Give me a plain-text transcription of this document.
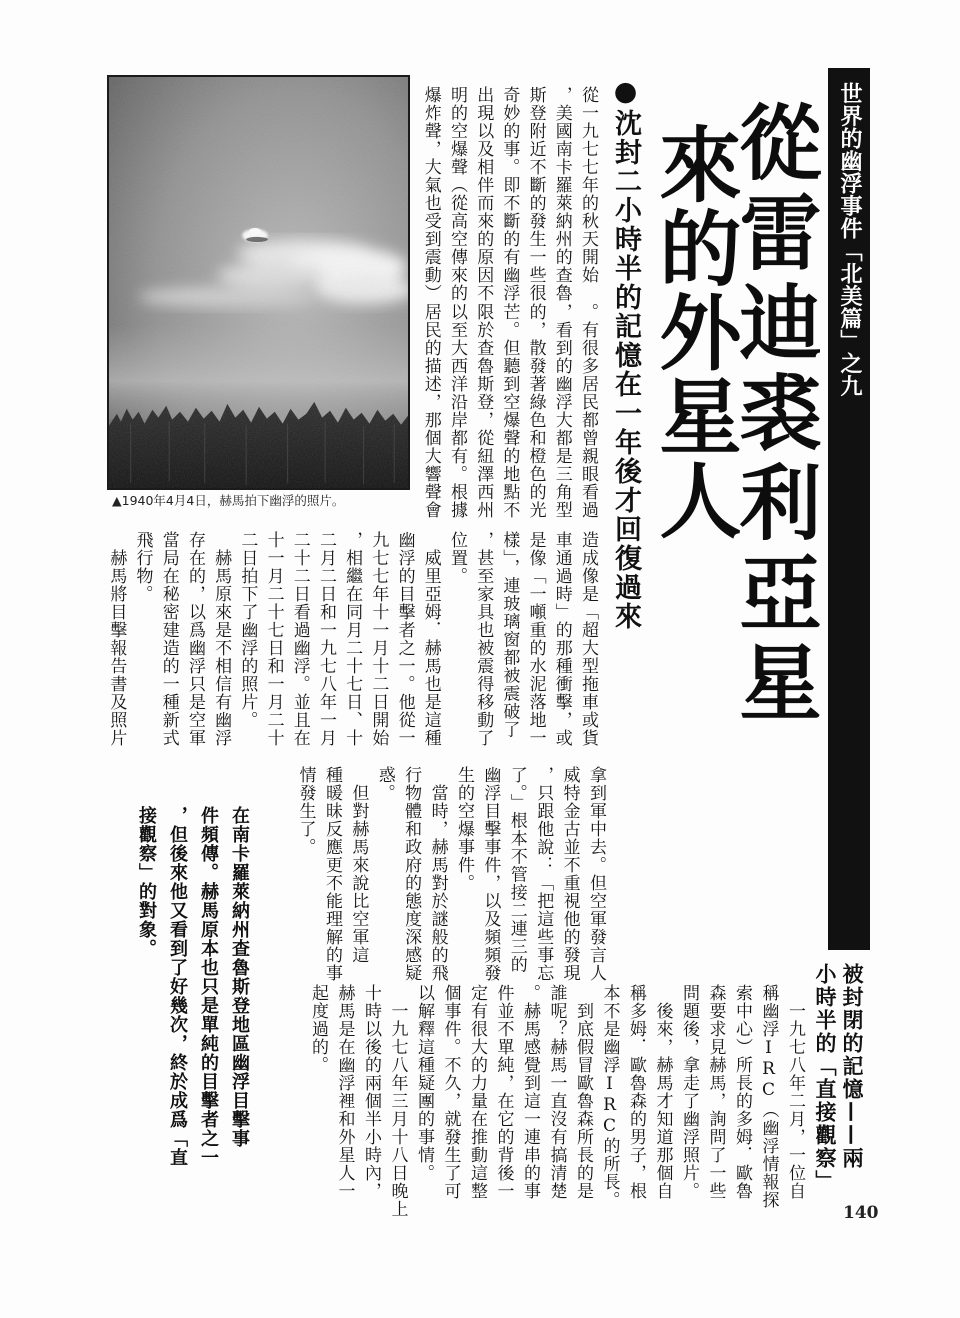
世界的幽浮事件「北美篇」之九
從雷迪裘利亞星
來的外星人
●沈封二小時半的記憶在一年後才回復過來
▲1940年4月4日，赫馬拍下幽浮的照片。
從一九七七年的秋天開始
，美國南卡羅萊納州的查魯
斯登附近不斷的發生一些很
奇妙的事。即不斷的有幽浮
出現以及相伴而來的原因不
明的空爆聲（從高空傳來的
爆炸聲，大氣也受到震動）
。有很多居民都曾親眼看過
，看到的幽浮大都是三角型
的，散發著綠色和橙色的光
芒。但聽到空爆聲的地點不
限於查魯斯登，從紐澤西州
以至大西洋沿岸都有。根據
居民的描述，那個大響聲會
造成像是「超大型拖車或貨
車通過時」的那種衝擊，或
是像「一噸重的水泥落地一
樣」，連玻璃窗都被震破了
，甚至家具也被震得移動了
位置。
　威里亞姆．赫馬也是這種
幽浮的目擊者之一。他從一
九七七年十一月十二日開始
，相繼在同月二十七日、十
二月二日和一九七八年一月
二十二日看過幽浮。並且在
十一月二十七日和一月二十
二日拍下了幽浮的照片。
　赫馬原來是不相信有幽浮
存在的，以爲幽浮只是空軍
當局在秘密建造的一種新式
飛行物。
　赫馬將目擊報告書及照片
拿到軍中去。但空軍發言人
威特金古並不重視他的發現
，只跟他說：「把這些事忘
了。」根本不管接二連三的
幽浮目擊事件，以及頻頻發
生的空爆事件。
　當時，赫馬對於謎般的飛
行物體和政府的態度深感疑
惑。
　但對赫馬來說比空軍這
種暖昧反應更不能理解的事
情發生了。
在南卡羅萊納州查魯斯登地區幽浮目擊事
件頻傳。赫馬原本也只是單純的目擊者之一
，但後來他又看到了好幾次，終於成爲「直
接觀察」的對象。
被封閉的記憶——兩
小時半的「直接觀察」
　一九七八年二月，一位自
稱幽浮IRC（幽浮情報探
索中心）所長的多姆．歐魯
森要求見赫馬，詢問了一些
問題後，拿走了幽浮照片。
　後來，赫馬才知道那個自
稱多姆．歐魯森的男子，根
本不是幽浮IRC的所長。
　到底假冒歐魯森所長的是
誰呢？赫馬一直沒有搞清楚
。赫馬感覺到這一連串的事
件並不單純，在它的背後一
定有很大的力量在推動這整
個事件。不久，就發生了可
以解釋這種疑團的事情。
　一九七八年三月十八日晚上
十時以後的兩個半小時內，
赫馬是在幽浮裡和外星人一
起度過的。
140
